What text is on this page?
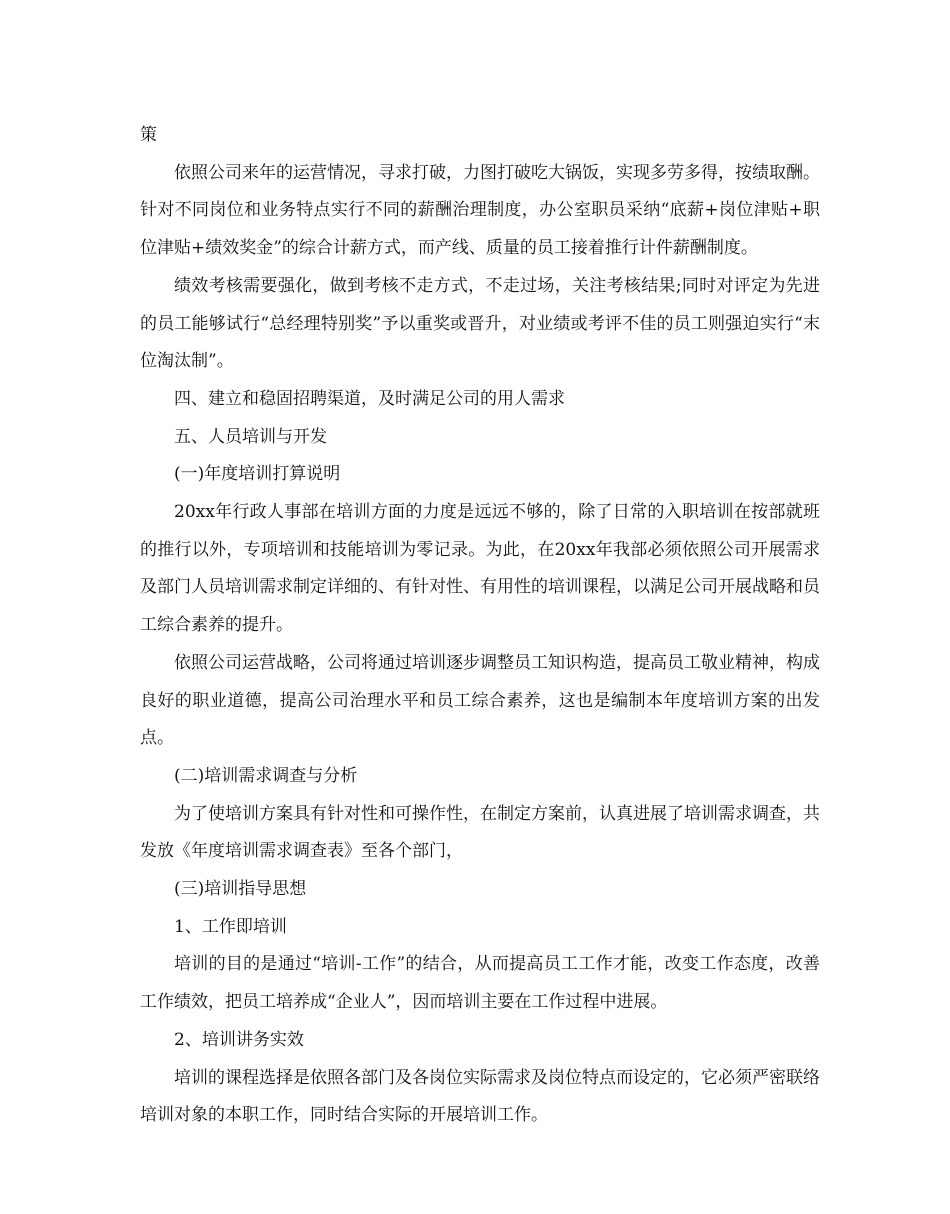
策

依照公司来年的运营情况，寻求打破，力图打破吃大锅饭，实现多劳多得，按绩取酬。针对不同岗位和业务特点实行不同的薪酬治理制度，办公室职员采纳“底薪+岗位津贴+职位津贴+绩效奖金”的综合计薪方式，而产线、质量的员工接着推行计件薪酬制度。

绩效考核需要强化，做到考核不走方式，不走过场，关注考核结果;同时对评定为先进的员工能够试行“总经理特别奖”予以重奖或晋升，对业绩或考评不佳的员工则强迫实行“末位淘汰制”。

四、建立和稳固招聘渠道，及时满足公司的用人需求

五、人员培训与开发

(一)年度培训打算说明

20xx年行政人事部在培训方面的力度是远远不够的，除了日常的入职培训在按部就班的推行以外，专项培训和技能培训为零记录。为此，在20xx年我部必须依照公司开展需求及部门人员培训需求制定详细的、有针对性、有用性的培训课程，以满足公司开展战略和员工综合素养的提升。

依照公司运营战略，公司将通过培训逐步调整员工知识构造，提高员工敬业精神，构成良好的职业道德，提高公司治理水平和员工综合素养，这也是编制本年度培训方案的出发点。

(二)培训需求调查与分析

为了使培训方案具有针对性和可操作性，在制定方案前，认真进展了培训需求调查，共发放《年度培训需求调查表》至各个部门，

(三)培训指导思想

1、工作即培训

培训的目的是通过“培训-工作”的结合，从而提高员工工作才能，改变工作态度，改善工作绩效，把员工培养成“企业人”，因而培训主要在工作过程中进展。

2、培训讲务实效

培训的课程选择是依照各部门及各岗位实际需求及岗位特点而设定的，它必须严密联络培训对象的本职工作，同时结合实际的开展培训工作。
